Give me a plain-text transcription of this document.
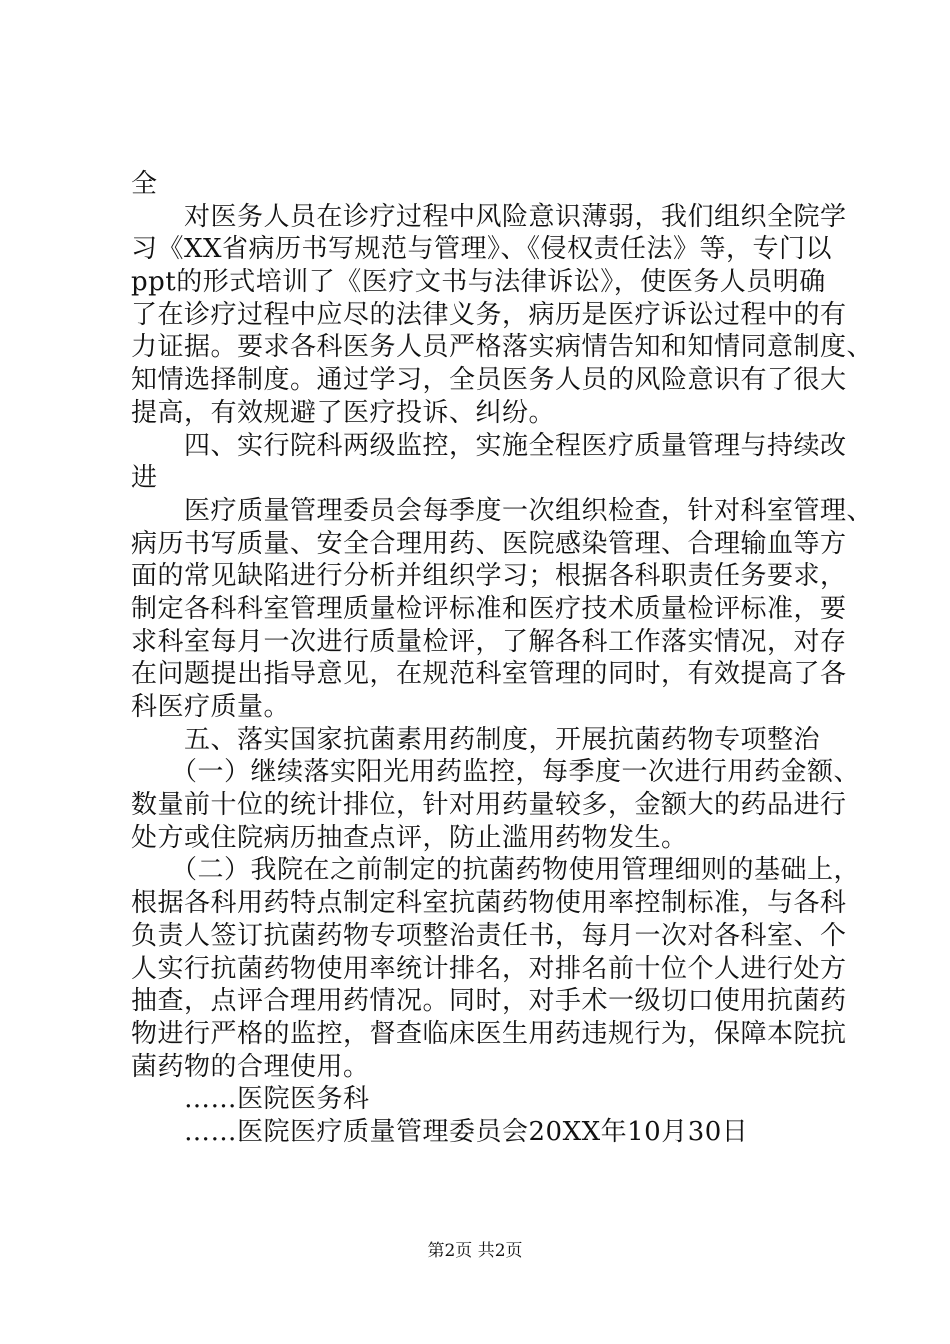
全
　　对医务人员在诊疗过程中风险意识薄弱，我们组织全院学
习《XX省病历书写规范与管理》、《侵权责任法》等，专门以
ppt的形式培训了《医疗文书与法律诉讼》，使医务人员明确
了在诊疗过程中应尽的法律义务，病历是医疗诉讼过程中的有
力证据。要求各科医务人员严格落实病情告知和知情同意制度、
知情选择制度。通过学习，全员医务人员的风险意识有了很大
提高，有效规避了医疗投诉、纠纷。
　　四、实行院科两级监控，实施全程医疗质量管理与持续改
进
　　医疗质量管理委员会每季度一次组织检查，针对科室管理、
病历书写质量、安全合理用药、医院感染管理、合理输血等方
面的常见缺陷进行分析并组织学习；根据各科职责任务要求，
制定各科科室管理质量检评标准和医疗技术质量检评标准，要
求科室每月一次进行质量检评，了解各科工作落实情况，对存
在问题提出指导意见，在规范科室管理的同时，有效提高了各
科医疗质量。
　　五、落实国家抗菌素用药制度，开展抗菌药物专项整治
　　（一）继续落实阳光用药监控，每季度一次进行用药金额、
数量前十位的统计排位，针对用药量较多，金额大的药品进行
处方或住院病历抽查点评，防止滥用药物发生。
　　（二）我院在之前制定的抗菌药物使用管理细则的基础上，
根据各科用药特点制定科室抗菌药物使用率控制标准，与各科
负责人签订抗菌药物专项整治责任书，每月一次对各科室、个
人实行抗菌药物使用率统计排名，对排名前十位个人进行处方
抽查，点评合理用药情况。同时，对手术一级切口使用抗菌药
物进行严格的监控，督查临床医生用药违规行为，保障本院抗
菌药物的合理使用。
　　……医院医务科
　　……医院医疗质量管理委员会20XX年10月30日
第2页 共2页
